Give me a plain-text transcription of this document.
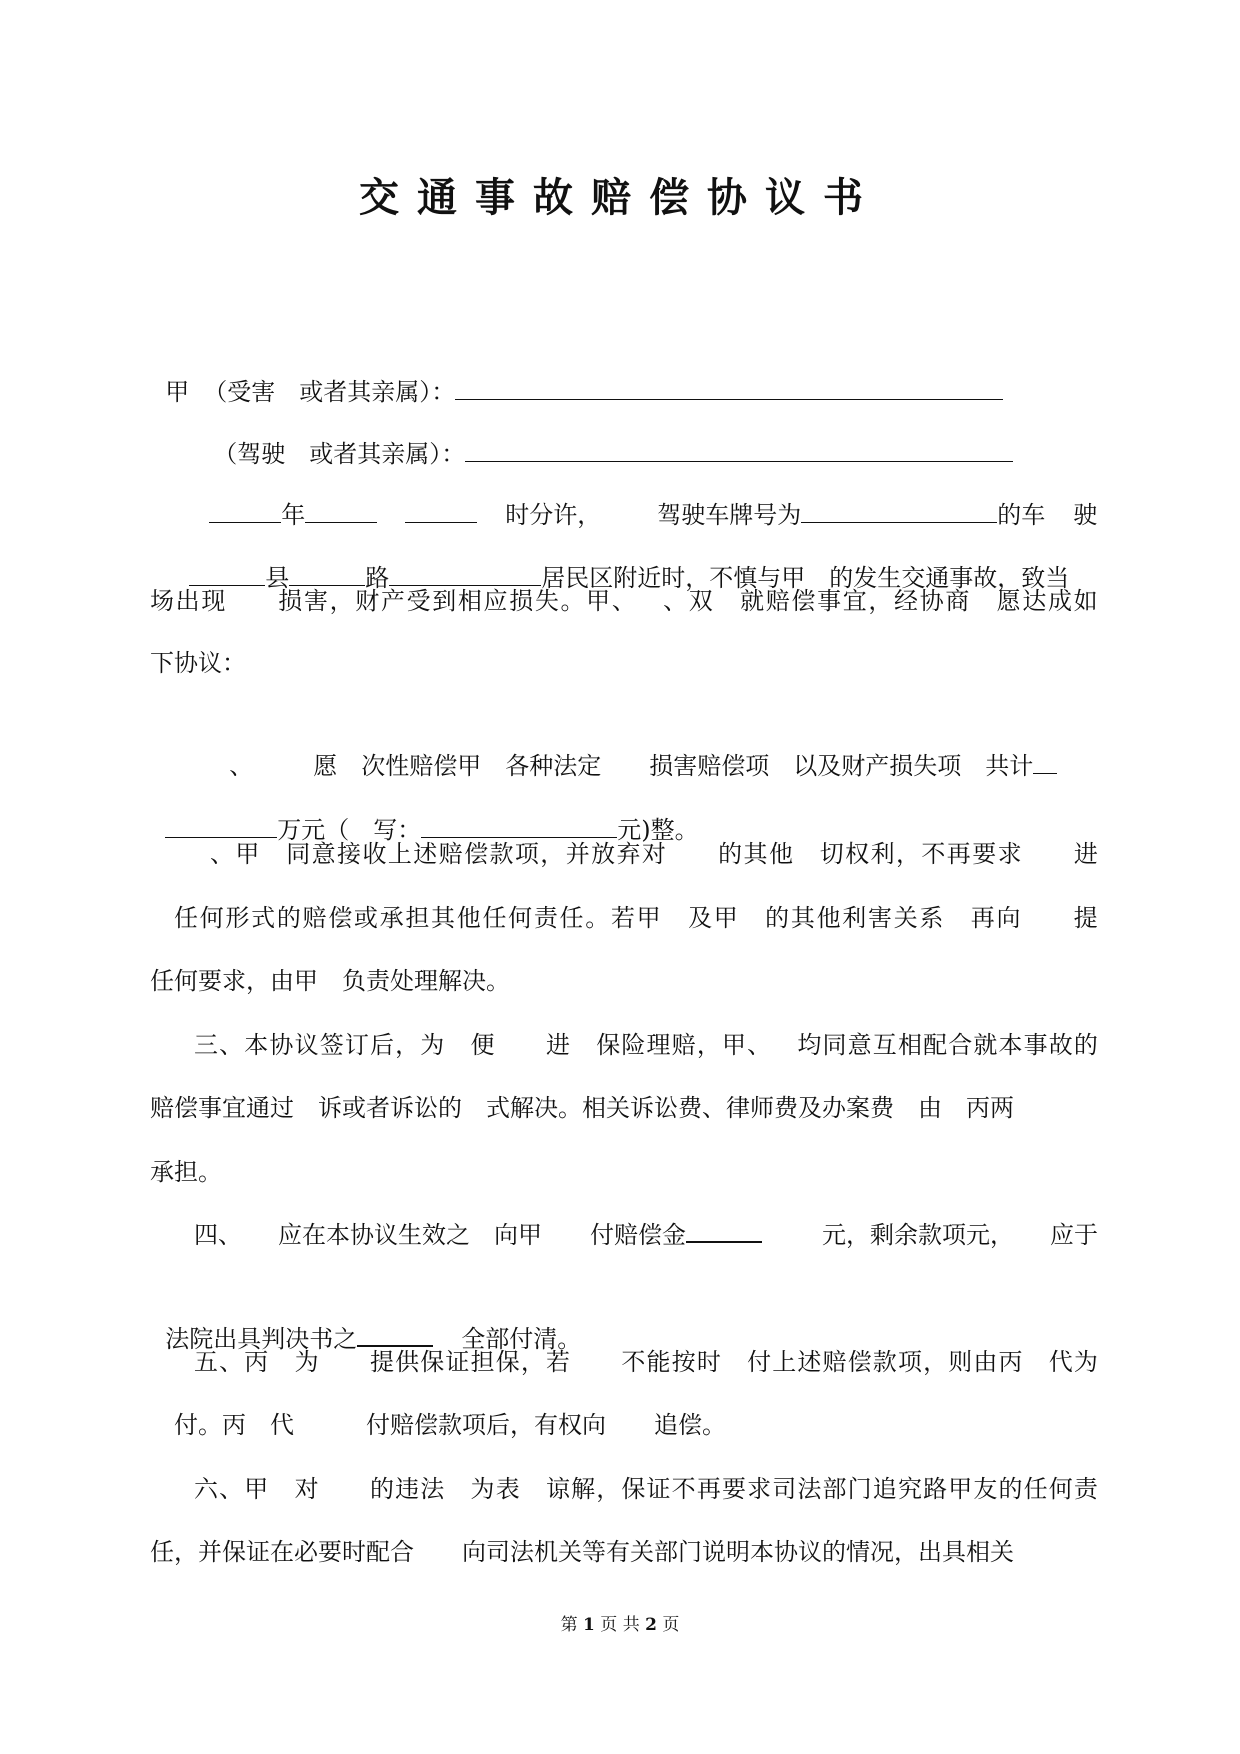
交通事故赔偿协议书

甲 （受害　或者其亲属）：

（驾驶　或者其亲属）：

年	时分许， 驾驶车牌号为	的车 驶

县	路	居民区附近时，不慎与甲　的发生交通事故，致当

场 出 现

　 损 害 ， 财 产 受 到 相 应 损 失 。 甲 、
　 、 双
　 就 赔 偿 事 宜 ， 经 协 商
　 愿 达 成 如
下协议：

、　　　愿　次性赔偿甲　各种法定　　损害赔偿项　以及财产损失项　共计

万元（　写：	元)整。

、 甲
　 同 意 接 收 上 述 赔 偿 款 项 ， 并 放 弃 对

　 的 其 他
　 切 权 利 ， 不 再 要 求

　 进
任 何 形 式 的 赔 偿 或 承 担 其 他 任 何 责 任 。 若 甲
　 及 甲
　 的 其 他 利 害 关 系
　 再 向

　 提
任何要求，由甲　负责处理解决。
三 、 本 协 议 签 订 后 ， 为
　 便

　 进
　 保 险 理 赔 ， 甲 、
　 均 同 意 互 相 配 合 就 本 事 故 的
赔偿事宜通过　诉或者诉讼的　式解决。相关诉讼费、律师费及办案费　由　丙两
承担。
四、　　应在本协议生效之　向甲　　付赔偿金	元，剩余款项元，　　应于

法院出具判决书之	全部付清。

五 、 丙
　 为

　 提 供 保 证 担 保 ， 若

　 不 能 按 时
　 付 上 述 赔 偿 款 项 ， 则 由 丙
　 代 为
付。丙　代　　　付赔偿款项后，有权向　　追偿。
六 、 甲
　 对

　 的 违 法
　 为 表
　 谅 解 ， 保 证 不 再 要 求 司 法 部 门 追 究 路 甲 友 的 任 何 责
任，并保证在必要时配合　　向司法机关等有关部门说明本协议的情况，出具相关
第 1 页 共 2 页
